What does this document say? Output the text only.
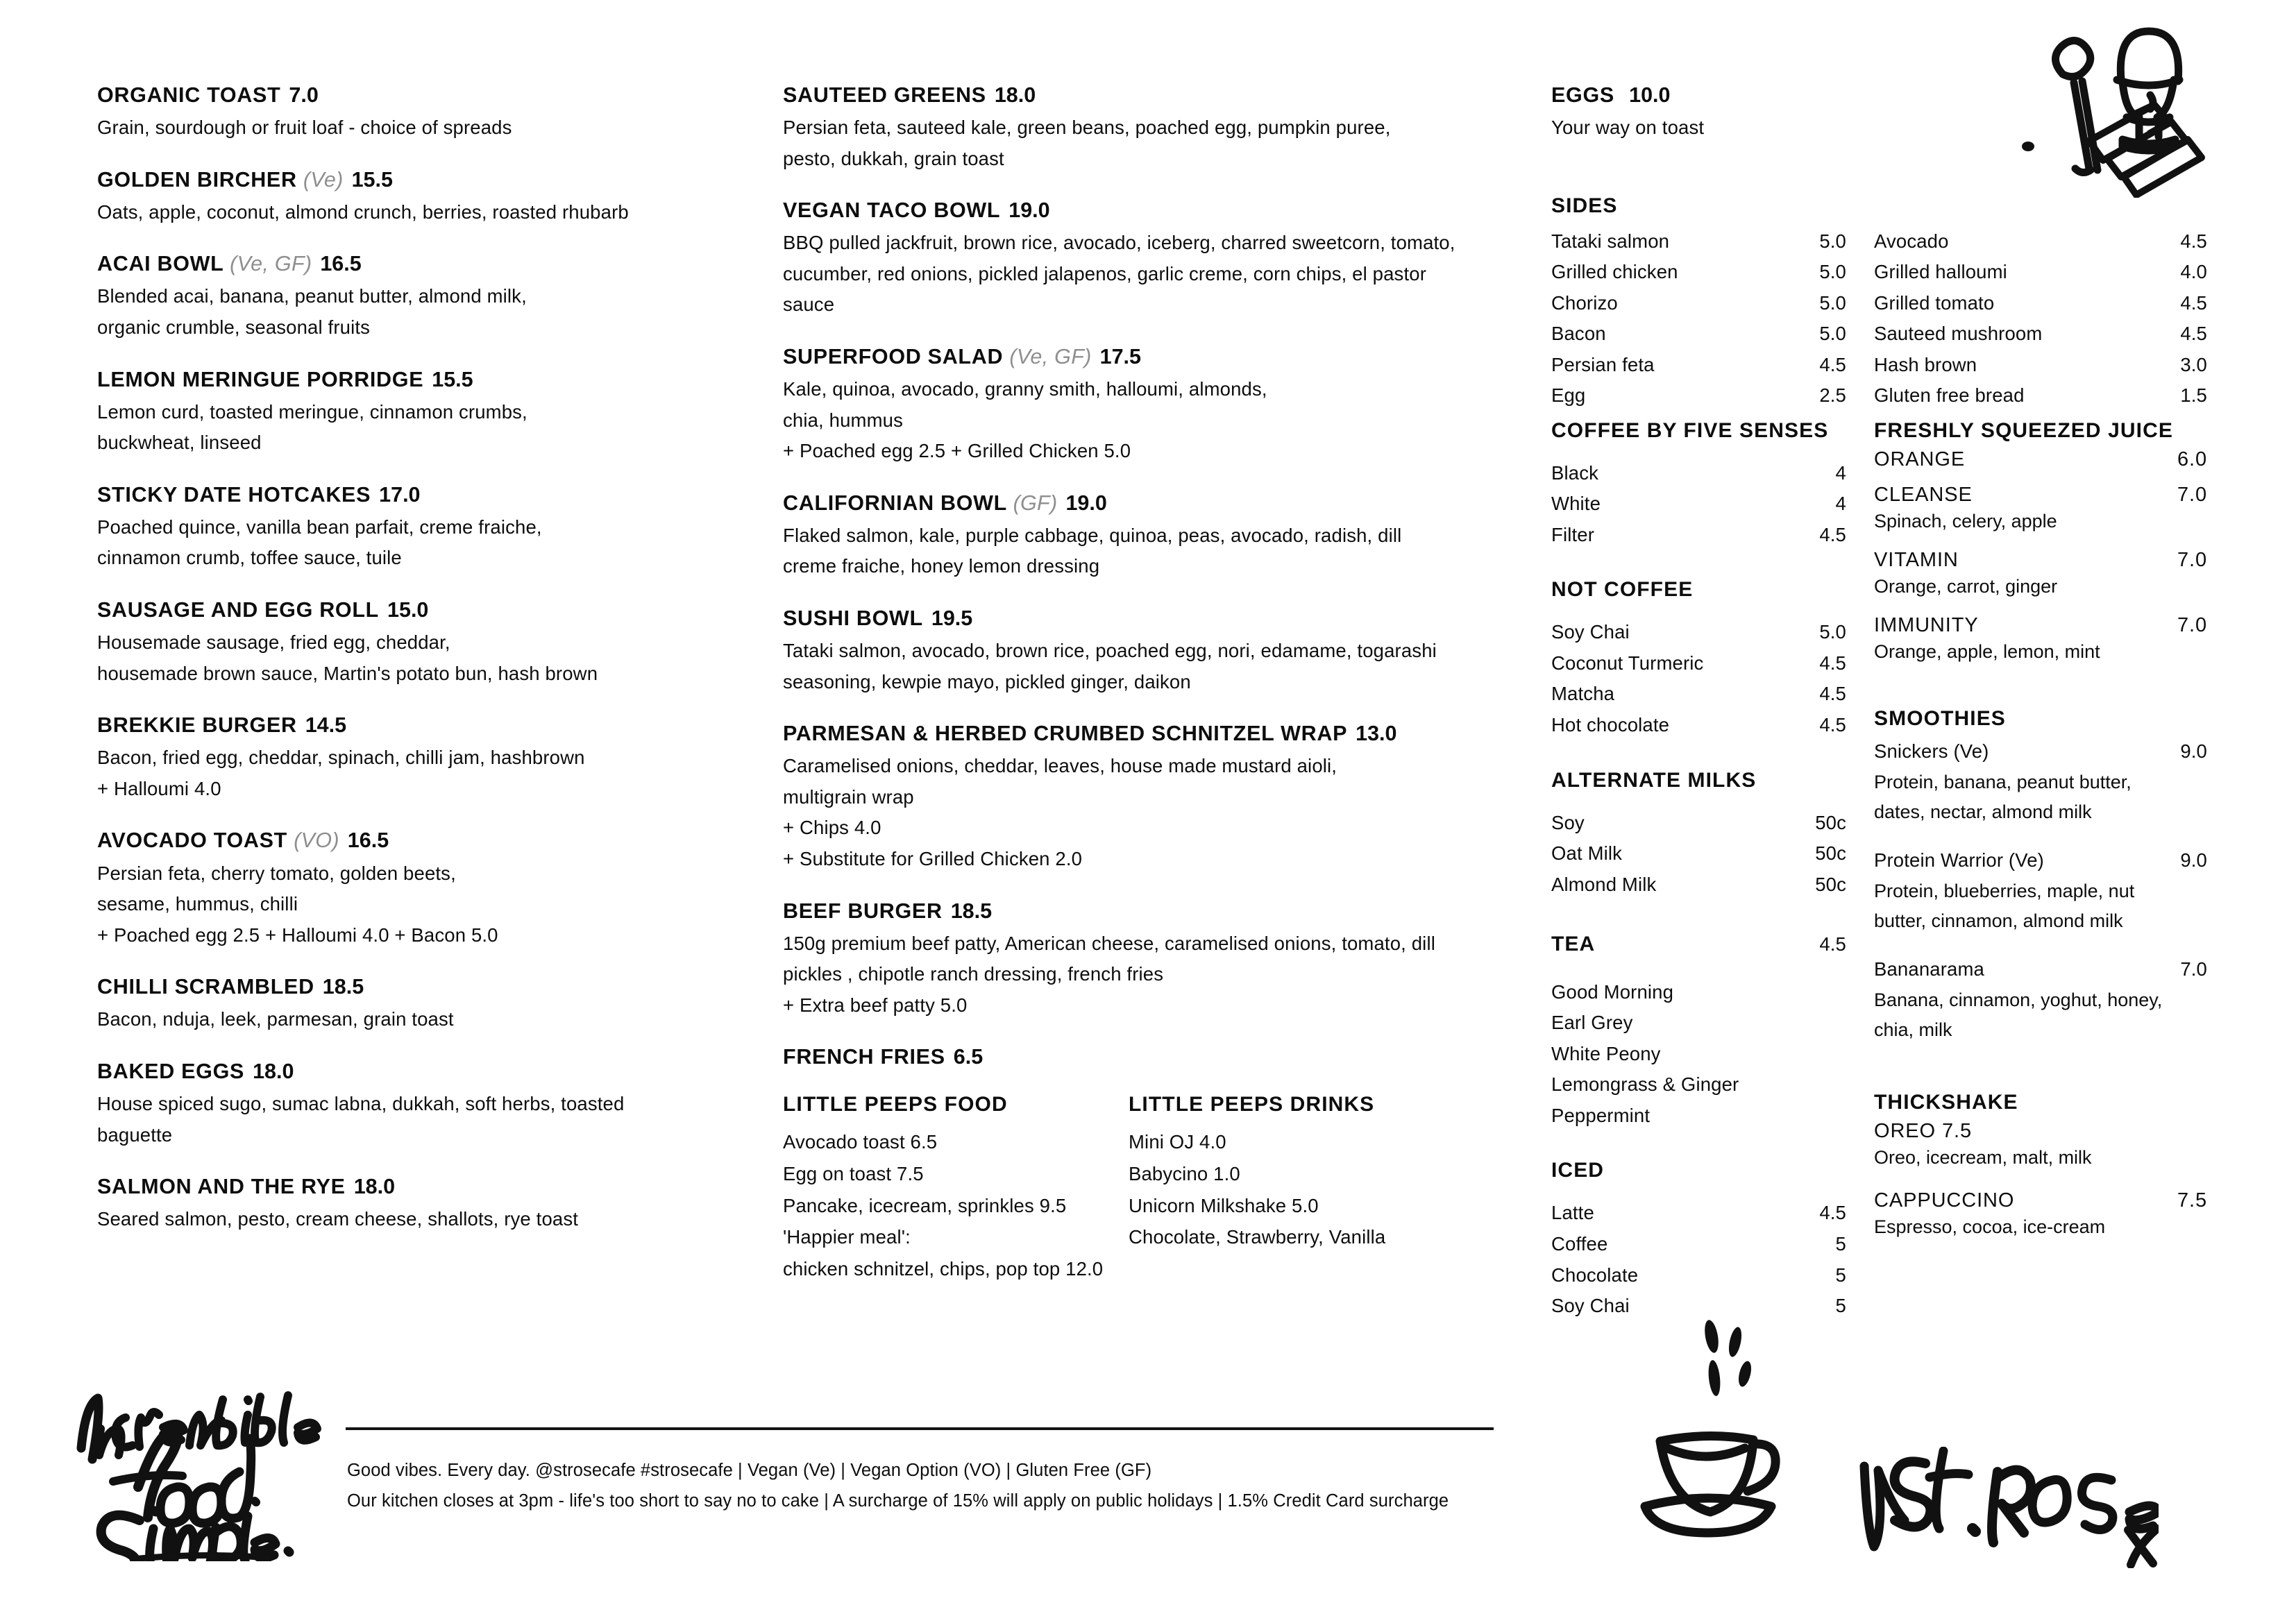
ORGANIC TOAST 7.0
Grain, sourdough or fruit loaf - choice of spreads
GOLDEN BIRCHER (Ve) 15.5
Oats, apple, coconut, almond crunch, berries, roasted rhubarb
ACAI BOWL (Ve, GF) 16.5
Blended acai, banana, peanut butter, almond milk,
organic crumble, seasonal fruits
LEMON MERINGUE PORRIDGE 15.5
Lemon curd, toasted meringue, cinnamon crumbs,
buckwheat, linseed
STICKY DATE HOTCAKES 17.0
Poached quince, vanilla bean parfait, creme fraiche,
cinnamon crumb, toffee sauce, tuile
SAUSAGE AND EGG ROLL 15.0
Housemade sausage, fried egg, cheddar,
housemade brown sauce, Martin's potato bun, hash brown
BREKKIE BURGER 14.5
Bacon, fried egg, cheddar, spinach, chilli jam, hashbrown
+ Halloumi 4.0
AVOCADO TOAST (VO) 16.5
Persian feta, cherry tomato, golden beets,
sesame, hummus, chilli
+ Poached egg 2.5 + Halloumi 4.0 + Bacon 5.0
CHILLI SCRAMBLED 18.5
Bacon, nduja, leek, parmesan, grain toast
BAKED EGGS 18.0
House spiced sugo, sumac labna, dukkah, soft herbs, toasted
baguette
SALMON AND THE RYE 18.0
Seared salmon, pesto, cream cheese, shallots, rye toast
SAUTEED GREENS 18.0
Persian feta, sauteed kale, green beans, poached egg, pumpkin puree,
pesto, dukkah, grain toast
VEGAN TACO BOWL 19.0
BBQ pulled jackfruit, brown rice, avocado, iceberg, charred sweetcorn, tomato,
cucumber, red onions, pickled jalapenos, garlic creme, corn chips, el pastor
sauce
SUPERFOOD SALAD (Ve, GF) 17.5
Kale, quinoa, avocado, granny smith, halloumi, almonds,
chia, hummus
+ Poached egg 2.5 + Grilled Chicken 5.0
CALIFORNIAN BOWL (GF) 19.0
Flaked salmon, kale, purple cabbage, quinoa, peas, avocado, radish, dill
creme fraiche, honey lemon dressing
SUSHI BOWL 19.5
Tataki salmon, avocado, brown rice, poached egg, nori, edamame, togarashi
seasoning, kewpie mayo, pickled ginger, daikon
PARMESAN & HERBED CRUMBED SCHNITZEL WRAP 13.0
Caramelised onions, cheddar, leaves, house made mustard aioli,
multigrain wrap
+ Chips 4.0
+ Substitute for Grilled Chicken 2.0
BEEF BURGER 18.5
150g premium beef patty, American cheese, caramelised onions, tomato, dill
pickles , chipotle ranch dressing, french fries
+ Extra beef patty 5.0
FRENCH FRIES 6.5
LITTLE PEEPS FOOD

Avocado toast 6.5

Egg on toast 7.5

Pancake, icecream, sprinkles 9.5

'Happier meal':

chicken schnitzel, chips, pop top 12.0

LITTLE PEEPS DRINKS

Mini OJ 4.0

Babycino 1.0

Unicorn Milkshake 5.0

Chocolate, Strawberry, Vanilla

EGGS 10.0
Your way on toast
SIDES
Tataki salmon	5.0
Grilled chicken	5.0
Chorizo	5.0
Bacon	5.0
Persian feta	4.5
Egg	2.5
Avocado	4.5
Grilled halloumi	4.0
Grilled tomato	4.5
Sauteed mushroom	4.5
Hash brown	3.0
Gluten free bread	1.5
COFFEE BY FIVE SENSES
Black	4
White	4
Filter	4.5
NOT COFFEE
Soy Chai	5.0
Coconut Turmeric	4.5
Matcha	4.5
Hot chocolate	4.5
ALTERNATE MILKS
Soy	50c
Oat Milk	50c
Almond Milk	50c
TEA	4.5
Good Morning
Earl Grey
White Peony
Lemongrass & Ginger
Peppermint
ICED
Latte	4.5
Coffee	5
Chocolate	5
Soy Chai	5
FRESHLY SQUEEZED JUICE
ORANGE	6.0
CLEANSE	7.0
Spinach, celery, apple
VITAMIN	7.0
Orange, carrot, ginger
IMMUNITY	7.0
Orange, apple, lemon, mint
SMOOTHIES
Snickers (Ve)	9.0
Protein, banana, peanut butter,
dates, nectar, almond milk
Protein Warrior (Ve)	9.0
Protein, blueberries, maple, nut
butter, cinnamon, almond milk
Bananarama	7.0
Banana, cinnamon, yoghut, honey,
chia, milk
THICKSHAKE
OREO 7.5
Oreo, icecream, malt, milk
CAPPUCCINO	7.5
Espresso, cocoa, ice-cream

Good vibes. Every day. @strosecafe #strosecafe | Vegan (Ve) | Vegan Option (VO) | Gluten Free (GF)

Our kitchen closes at 3pm - life's too short to say no to cake | A surcharge of 15% will apply on public holidays | 1.5% Credit Card surcharge
